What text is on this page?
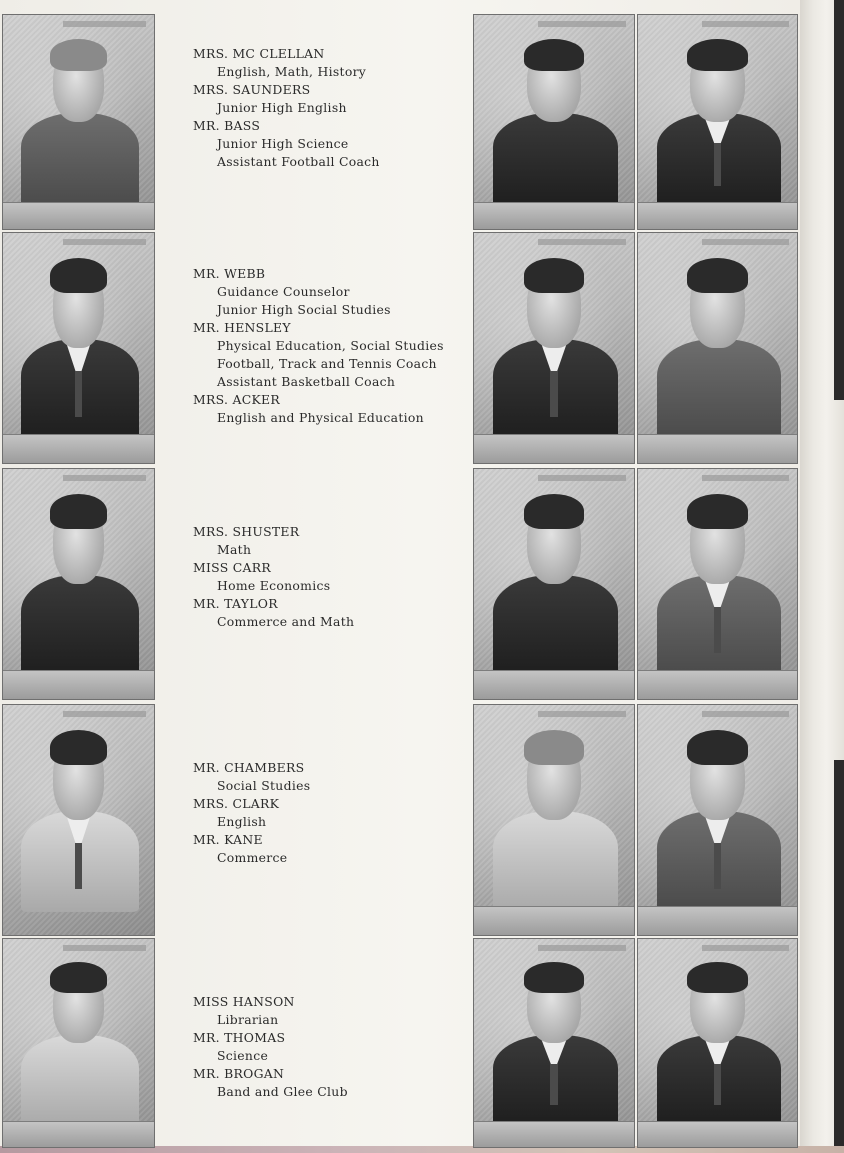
MRS. MC CLELLAN
English, Math, History
MRS. SAUNDERS
Junior High English
MR. BASS
Junior High Science
Assistant Football Coach
MR. WEBB
Guidance Counselor
Junior High Social Studies
MR. HENSLEY
Physical Education, Social Studies
Football, Track and Tennis Coach
Assistant Basketball Coach
MRS. ACKER
English and Physical Education
MRS. SHUSTER
Math
MISS CARR
Home Economics
MR. TAYLOR
Commerce and Math
MR. CHAMBERS
Social Studies
MRS. CLARK
English
MR. KANE
Commerce
MISS HANSON
Librarian
MR. THOMAS
Science
MR. BROGAN
Band and Glee Club
